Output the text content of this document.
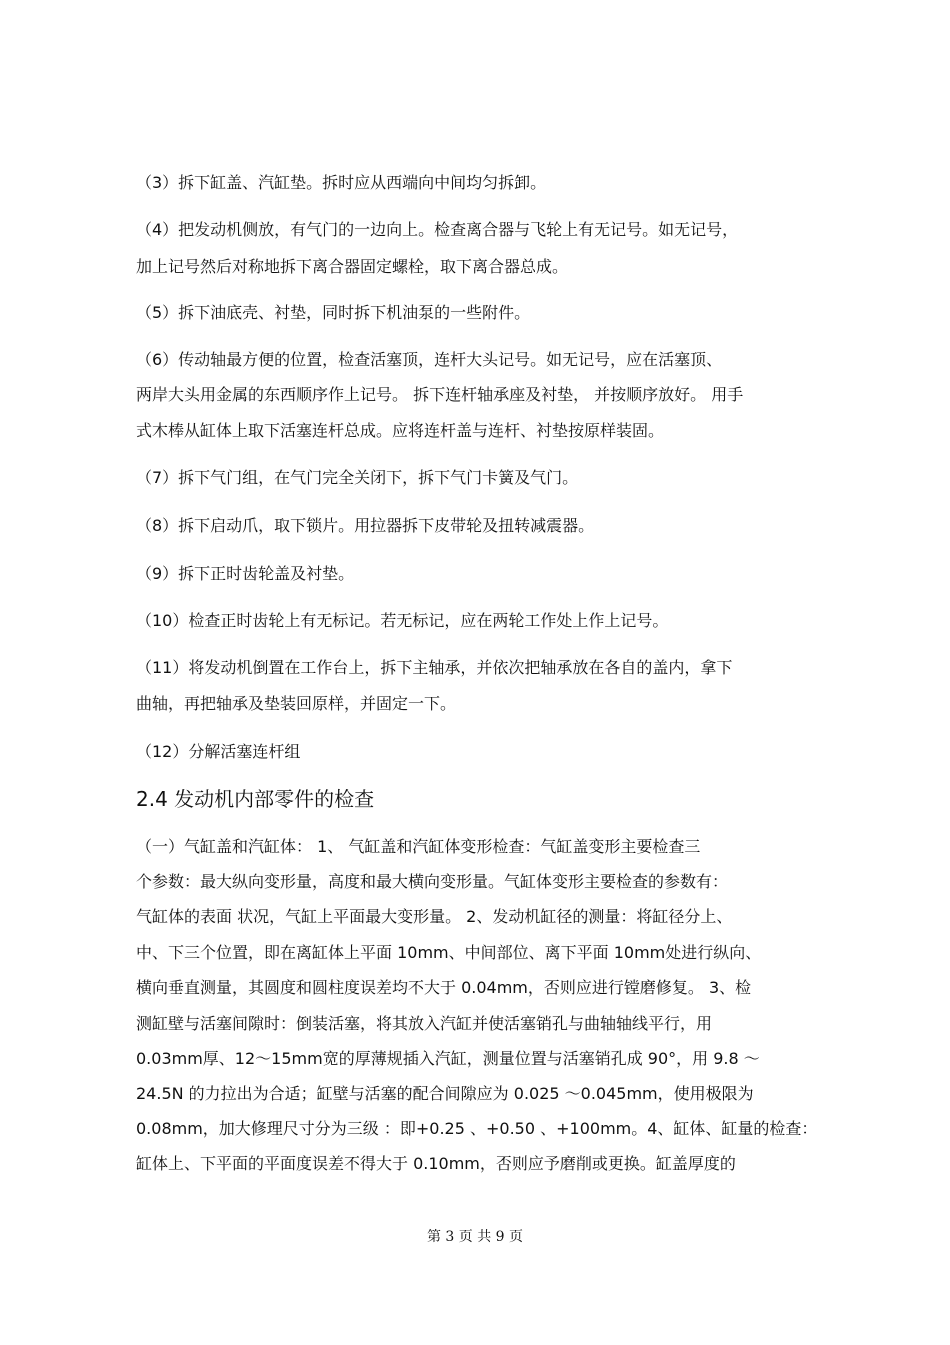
（3）拆下缸盖、汽缸垫。拆时应从西端向中间均匀拆卸。
（4）把发动机侧放，有气门的一边向上。检查离合器与飞轮上有无记号。如无记号，
加上记号然后对称地拆下离合器固定螺栓，取下离合器总成。
（5）拆下油底壳、衬垫，同时拆下机油泵的一些附件。
（6）传动轴最方便的位置，检查活塞顶，连杆大头记号。如无记号，应在活塞顶、
两岸大头用金属的东西顺序作上记号。 拆下连杆轴承座及衬垫， 并按顺序放好。 用手
式木棒从缸体上取下活塞连杆总成。应将连杆盖与连杆、衬垫按原样装固。
（7）拆下气门组，在气门完全关闭下，拆下气门卡簧及气门。
（8）拆下启动爪，取下锁片。用拉器拆下皮带轮及扭转减震器。
（9）拆下正时齿轮盖及衬垫。
（10）检查正时齿轮上有无标记。若无标记，应在两轮工作处上作上记号。
（11）将发动机倒置在工作台上，拆下主轴承，并依次把轴承放在各自的盖内，拿下
曲轴，再把轴承及垫装回原样，并固定一下。
（12）分解活塞连杆组
2.4 发动机内部零件的检查
（一）气缸盖和汽缸体： 1、 气缸盖和汽缸体变形检查：气缸盖变形主要检查三
个参数：最大纵向变形量，高度和最大横向变形量。气缸体变形主要检查的参数有：
气缸体的表面 状况，气缸上平面最大变形量。 2、发动机缸径的测量：将缸径分上、
中、下三个位置，即在离缸体上平面 10mm、中间部位、离下平面 10mm处进行纵向、
横向垂直测量，其圆度和圆柱度误差均不大于 0.04mm，否则应进行镗磨修复。 3、检
测缸壁与活塞间隙时：倒装活塞，将其放入汽缸并使活塞销孔与曲轴轴线平行，用
0.03mm厚、12～15mm宽的厚薄规插入汽缸，测量位置与活塞销孔成 90°，用 9.8 ～
24.5N 的力拉出为合适；缸壁与活塞的配合间隙应为 0.025 ～0.045mm，使用极限为
0.08mm，加大修理尺寸分为三级 ：即+0.25 、+0.50 、+100mm。4、缸体、缸量的检查：
缸体上、下平面的平面度误差不得大于 0.10mm，否则应予磨削或更换。缸盖厚度的
第 3 页 共 9 页
